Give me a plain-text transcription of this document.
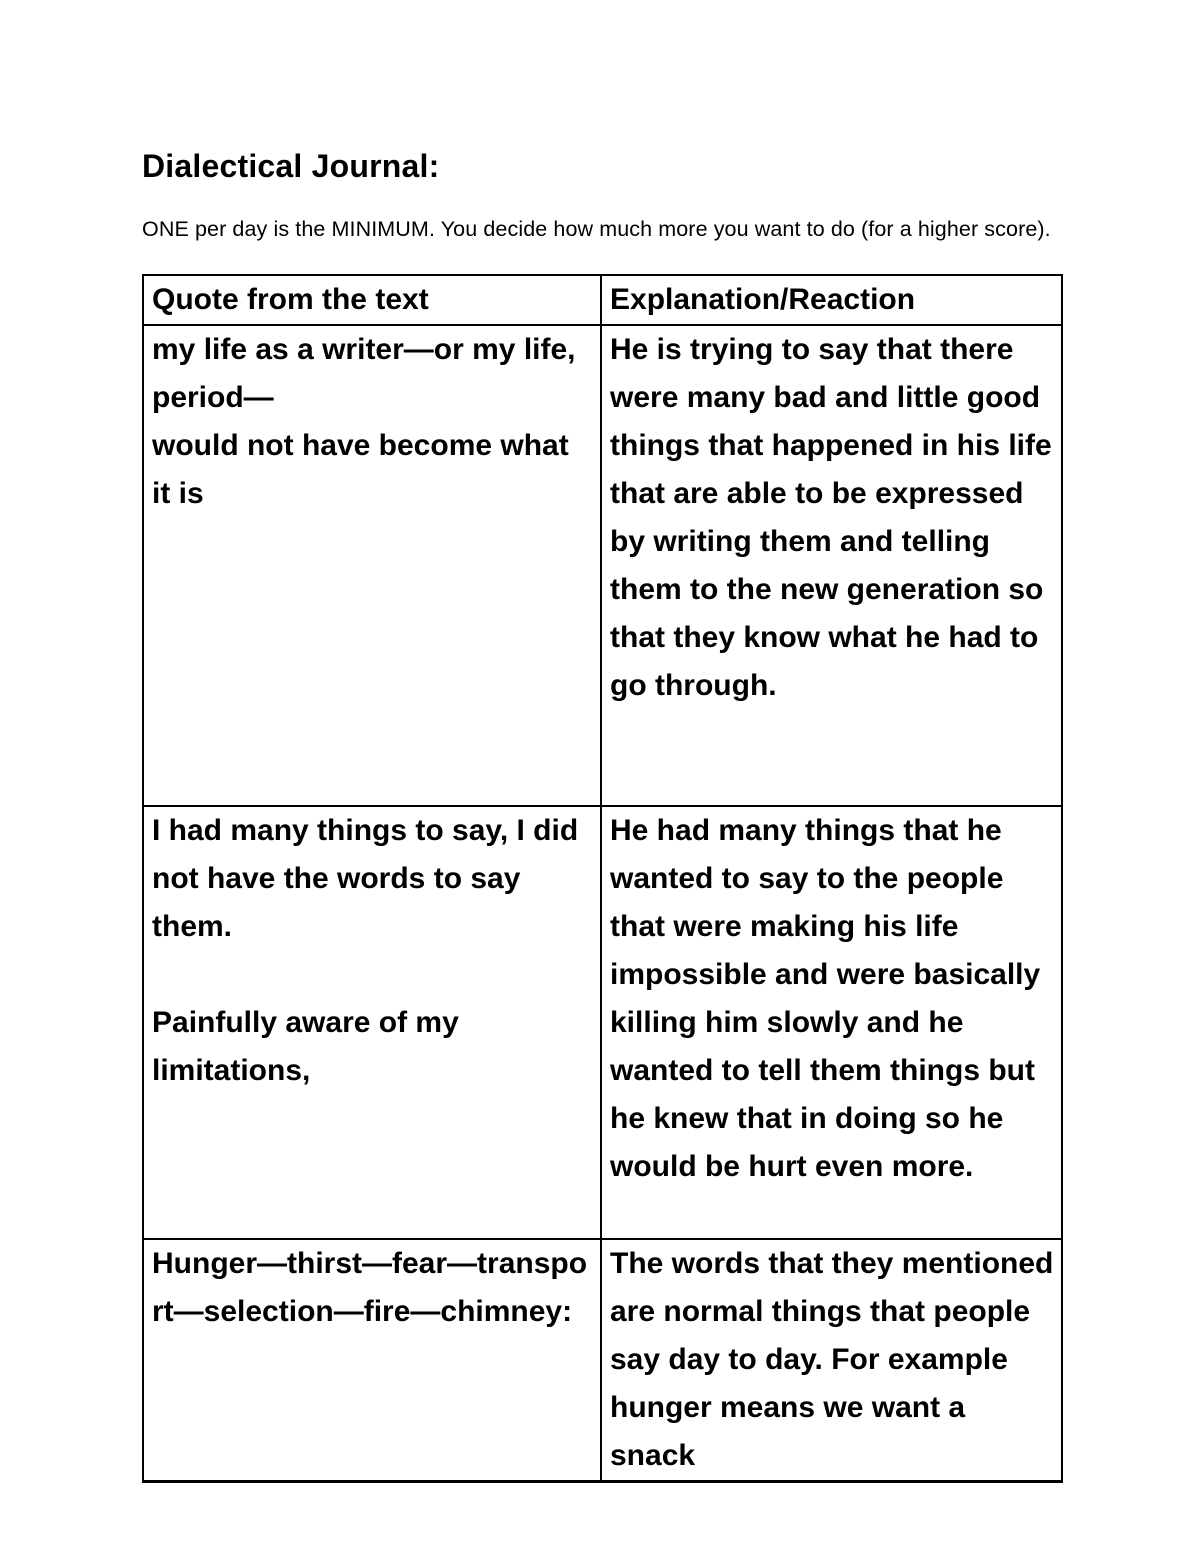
Dialectical Journal:
ONE per day is the MINIMUM. You decide how much more you want to do (for a higher score).
Quote from the text	Explanation/Reaction

my life as a writer—or my life, period—
would not have become what it is	He is trying to say that there were many bad and little good things that happened in his life that are able to be expressed by writing them and telling them to the new generation so that they know what he had to go through.

I had many things to say, I did not have the words to say them.

Painfully aware of my limitations,	He had many things that he wanted to say to the people that were making his life impossible and were basically killing him slowly and he wanted to tell them things but he knew that in doing so he would be hurt even more.

Hunger—thirst—fear—transport—selection—fire—chimney:	The words that they mentioned are normal things that people say day to day. For example hunger means we want a snack
